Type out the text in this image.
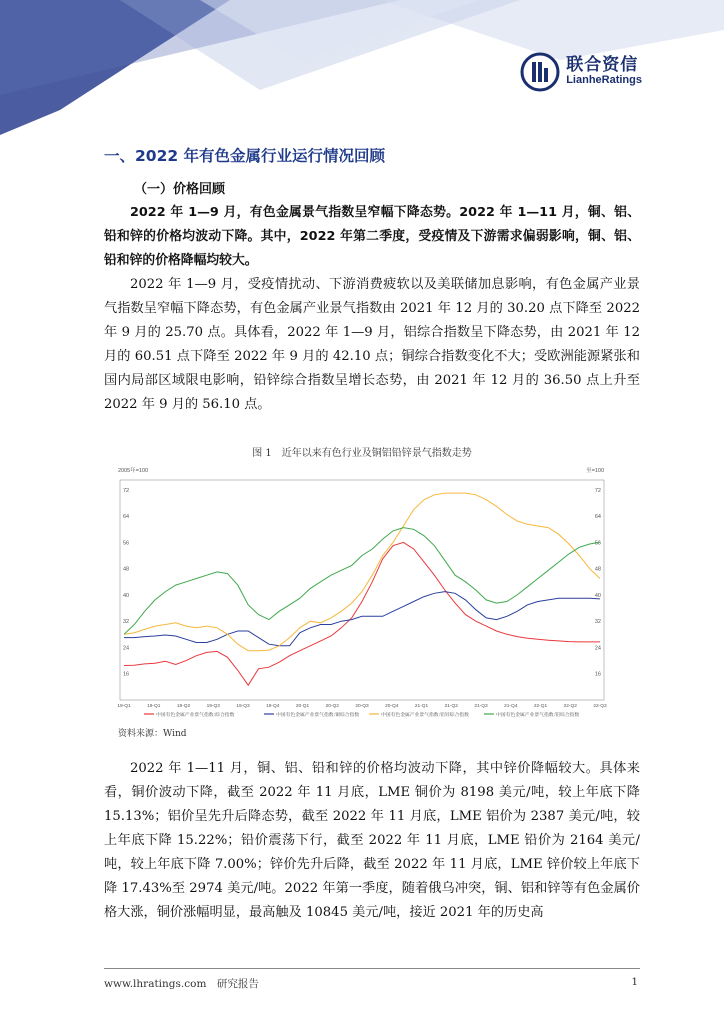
联合资信
LianheRatings
一、2022 年有色金属行业运行情况回顾
（一）价格回顾

2022 年 1—9 月，有色金属景气指数呈窄幅下降态势。2022 年 1—11 月，铜、铝、铅和锌的价格均波动下降。其中，2022 年第二季度，受疫情及下游需求偏弱影响，铜、铝、铅和锌的价格降幅均较大。

2022 年 1—9 月，受疫情扰动、下游消费疲软以及美联储加息影响，有色金属产业景气指数呈窄幅下降态势，有色金属产业景气指数由 2021 年 12 月的 30.20 点下降至 2022 年 9 月的 25.70 点。具体看，2022 年 1—9 月，铝综合指数呈下降态势，由 2021 年 12 月的 60.51 点下降至 2022 年 9 月的 42.10 点；铜综合指数变化不大；受欧洲能源紧张和国内局部区域限电影响，铅锌综合指数呈增长态势，由 2021 年 12 月的 36.50 点上升至 2022 年 9 月的 56.10 点。

图 1　近年以来有色行业及铜铝铅锌景气指数走势
2005年=100	至=100
72	72
64	64
56	56
48	48
40	40
32	32
24	24
16	16
19-Q1	19-Q1	19-Q2	19-Q3	19-Q3	19-Q4	20-Q1	20-Q2	20-Q3	20-Q4	21-Q1	21-Q2	21-Q3	21-Q4	22-Q1	22-Q2	22-Q3
中国有色金属产业景气指数:综合指数	中国有色金属产业景气指数:铜综合指数	中国有色金属产业景气指数:铅锌综合指数	中国有色金属产业景气指数:铝综合指数
资料来源：Wind

2022 年 1—11 月，铜、铝、铅和锌的价格均波动下降，其中锌价降幅较大。具体来看，铜价波动下降，截至 2022 年 11 月底，LME 铜价为 8198 美元/吨，较上年底下降 15.13%；铝价呈先升后降态势，截至 2022 年 11 月底，LME 铝价为 2387 美元/吨，较上年底下降 15.22%；铅价震荡下行，截至 2022 年 11 月底，LME 铅价为 2164 美元/吨，较上年底下降 7.00%；锌价先升后降，截至 2022 年 11 月底，LME 锌价较上年底下降 17.43%至 2974 美元/吨。2022 年第一季度，随着俄乌冲突，铜、铝和锌等有色金属价格大涨，铜价涨幅明显，最高触及 10845 美元/吨，接近 2021 年的历史高

www.lhratings.com　研究报告	1
